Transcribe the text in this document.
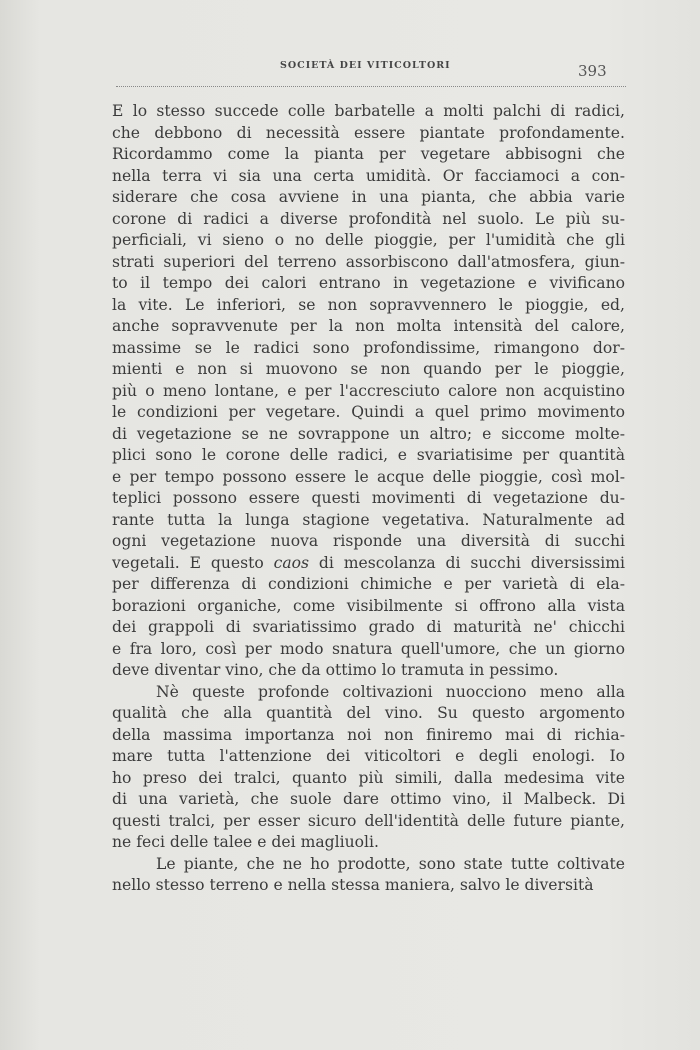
SOCIETÀ DEI VITICOLTORI	393
E lo stesso succede colle barbatelle a molti palchi di radici,
che debbono di necessità essere piantate profondamente.
Ricordammo come la pianta per vegetare abbisogni che
nella terra vi sia una certa umidità. Or facciamoci a con-
siderare che cosa avviene in una pianta, che abbia varie
corone di radici a diverse profondità nel suolo. Le più su-
perficiali, vi sieno o no delle pioggie, per l'umidità che gli
strati superiori del terreno assorbiscono dall'atmosfera, giun-
to il tempo dei calori entrano in vegetazione e vivificano
la vite. Le inferiori, se non sopravvennero le pioggie, ed,
anche sopravvenute per la non molta intensità del calore,
massime se le radici sono profondissime, rimangono dor-
mienti e non si muovono se non quando per le pioggie,
più o meno lontane, e per l'accresciuto calore non acquistino
le condizioni per vegetare. Quindi a quel primo movimento
di vegetazione se ne sovrappone un altro; e siccome molte-
plici sono le corone delle radici, e svariatisime per quantità
e per tempo possono essere le acque delle pioggie, così mol-
teplici possono essere questi movimenti di vegetazione du-
rante tutta la lunga stagione vegetativa. Naturalmente ad
ogni vegetazione nuova risponde una diversità di succhi
vegetali. E questo caos di mescolanza di succhi diversissimi
per differenza di condizioni chimiche e per varietà di ela-
borazioni organiche, come visibilmente si offrono alla vista
dei grappoli di svariatissimo grado di maturità ne' chicchi
e fra loro, così per modo snatura quell'umore, che un giorno
deve diventar vino, che da ottimo lo tramuta in pessimo.
Nè queste profonde coltivazioni nuocciono meno alla
qualità che alla quantità del vino. Su questo argomento
della massima importanza noi non finiremo mai di richia-
mare tutta l'attenzione dei viticoltori e degli enologi. Io
ho preso dei tralci, quanto più simili, dalla medesima vite
di una varietà, che suole dare ottimo vino, il Malbeck. Di
questi tralci, per esser sicuro dell'identità delle future piante,
ne feci delle talee e dei magliuoli.
Le piante, che ne ho prodotte, sono state tutte coltivate
nello stesso terreno e nella stessa maniera, salvo le diversità
